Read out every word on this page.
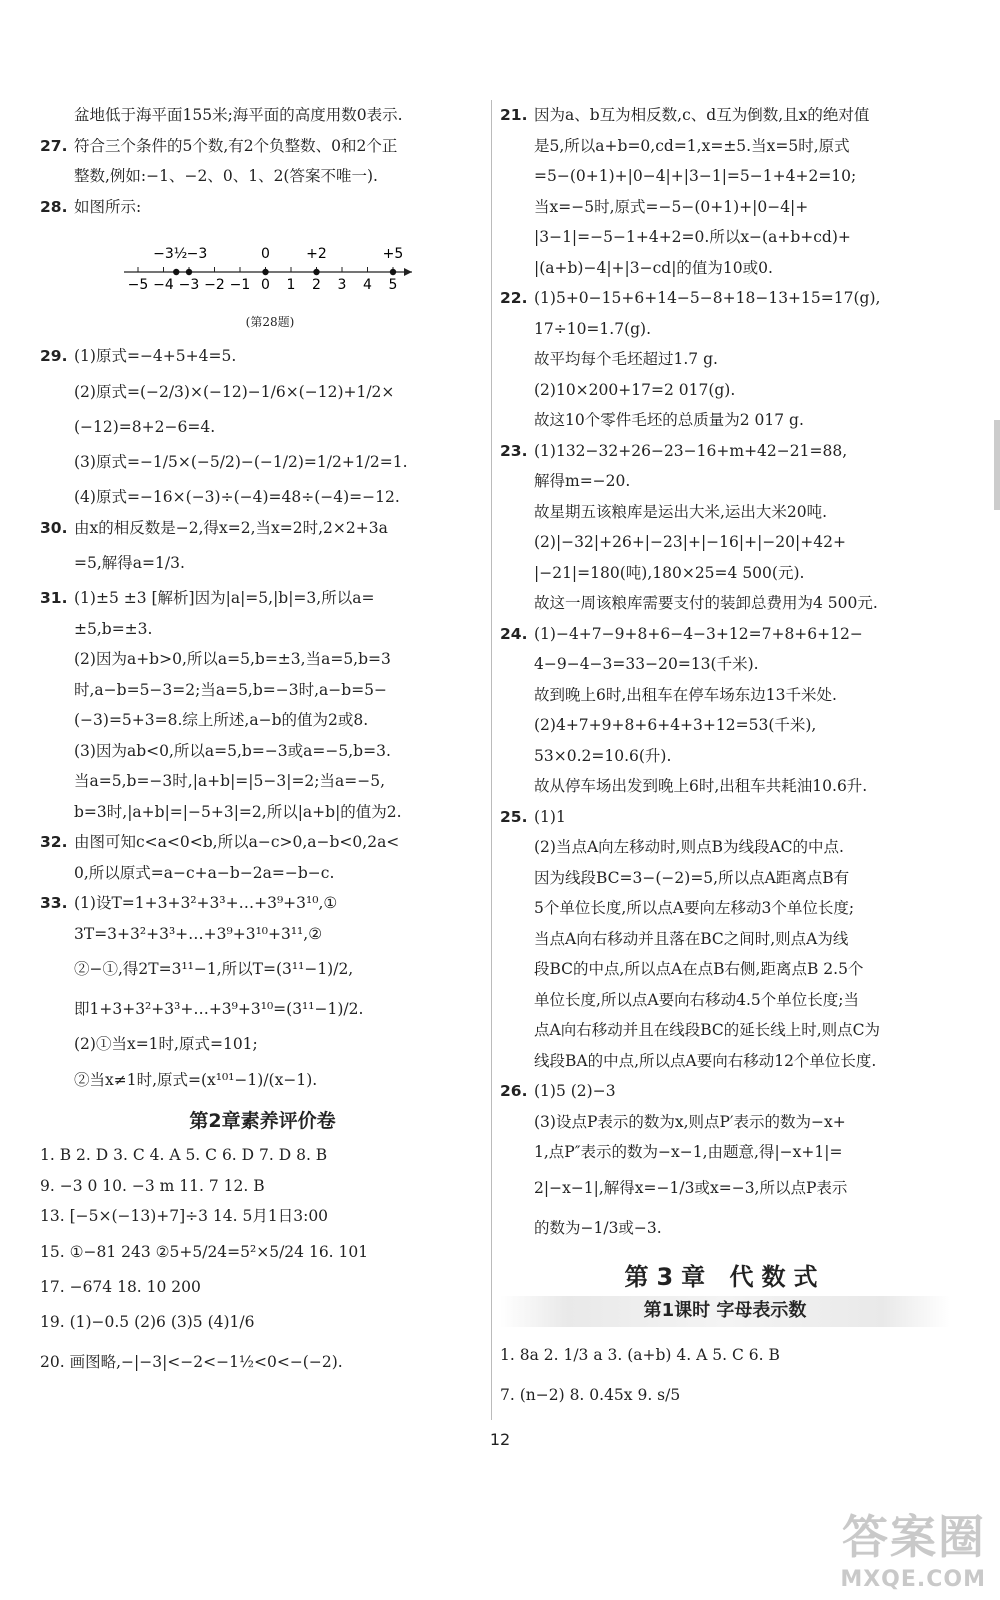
盆地低于海平面155米;海平面的高度用数0表示.
27. 符合三个条件的5个数,有2个负整数、0和2个正
整数,例如:−1、−2、0、1、2(答案不唯一).
28. 如图所示:
−5 −4 −3 −2 −1 0 1 2 3 4 5
−3½ −3	0	+2	+5
(第28题)
29. (1)原式=−4+5+4=5.
(2)原式=(−2/3)×(−12)−1/6×(−12)+1/2×
(−12)=8+2−6=4.
(3)原式=−1/5×(−5/2)−(−1/2)=1/2+1/2=1.
(4)原式=−16×(−3)÷(−4)=48÷(−4)=−12.
30. 由x的相反数是−2,得x=2,当x=2时,2×2+3a
=5,解得a=1/3.
31. (1)±5 ±3 [解析]因为|a|=5,|b|=3,所以a=
±5,b=±3.
(2)因为a+b>0,所以a=5,b=±3,当a=5,b=3
时,a−b=5−3=2;当a=5,b=−3时,a−b=5−
(−3)=5+3=8.综上所述,a−b的值为2或8.
(3)因为ab<0,所以a=5,b=−3或a=−5,b=3.
当a=5,b=−3时,|a+b|=|5−3|=2;当a=−5,
b=3时,|a+b|=|−5+3|=2,所以|a+b|的值为2.
32. 由图可知c<a<0<b,所以a−c>0,a−b<0,2a<
0,所以原式=a−c+a−b−2a=−b−c.
33. (1)设T=1+3+3²+3³+…+3⁹+3¹⁰,①
3T=3+3²+3³+…+3⁹+3¹⁰+3¹¹,②
②−①,得2T=3¹¹−1,所以T=(3¹¹−1)/2,
即1+3+3²+3³+…+3⁹+3¹⁰=(3¹¹−1)/2.
(2)①当x=1时,原式=101;
②当x≠1时,原式=(x¹⁰¹−1)/(x−1).
第2章素养评价卷
1. B 2. D 3. C 4. A 5. C 6. D 7. D 8. B
9. −3 0 10. −3 m 11. 7 12. B
13. [−5×(−13)+7]÷3 14. 5月1日3:00
15. ①−81 243 ②5+5/24=5²×5/24 16. 101
17. −674 18. 10 200
19. (1)−0.5 (2)6 (3)5 (4)1/6
20. 画图略,−|−3|<−2<−1½<0<−(−2).
21. 因为a、b互为相反数,c、d互为倒数,且x的绝对值
是5,所以a+b=0,cd=1,x=±5.当x=5时,原式
=5−(0+1)+|0−4|+|3−1|=5−1+4+2=10;
当x=−5时,原式=−5−(0+1)+|0−4|+
|3−1|=−5−1+4+2=0.所以x−(a+b+cd)+
|(a+b)−4|+|3−cd|的值为10或0.
22. (1)5+0−15+6+14−5−8+18−13+15=17(g),
17÷10=1.7(g).
故平均每个毛坯超过1.7 g.
(2)10×200+17=2 017(g).
故这10个零件毛坯的总质量为2 017 g.
23. (1)132−32+26−23−16+m+42−21=88,
解得m=−20.
故星期五该粮库是运出大米,运出大米20吨.
(2)|−32|+26+|−23|+|−16|+|−20|+42+
|−21|=180(吨),180×25=4 500(元).
故这一周该粮库需要支付的装卸总费用为4 500元.
24. (1)−4+7−9+8+6−4−3+12=7+8+6+12−
4−9−4−3=33−20=13(千米).
故到晚上6时,出租车在停车场东边13千米处.
(2)4+7+9+8+6+4+3+12=53(千米),
53×0.2=10.6(升).
故从停车场出发到晚上6时,出租车共耗油10.6升.
25. (1)1
(2)当点A向左移动时,则点B为线段AC的中点.
因为线段BC=3−(−2)=5,所以点A距离点B有
5个单位长度,所以点A要向左移动3个单位长度;
当点A向右移动并且落在BC之间时,则点A为线
段BC的中点,所以点A在点B右侧,距离点B 2.5个
单位长度,所以点A要向右移动4.5个单位长度;当
点A向右移动并且在线段BC的延长线上时,则点C为
线段BA的中点,所以点A要向右移动12个单位长度.
26. (1)5 (2)−3
(3)设点P表示的数为x,则点P′表示的数为−x+
1,点P″表示的数为−x−1,由题意,得|−x+1|=
2|−x−1|,解得x=−1/3或x=−3,所以点P表示
的数为−1/3或−3.
第3章 代数式
第1课时 字母表示数
1. 8a 2. 1/3 a 3. (a+b) 4. A 5. C 6. B
7. (n−2) 8. 0.45x 9. s/5
12
答案圈
MXQE.COM
